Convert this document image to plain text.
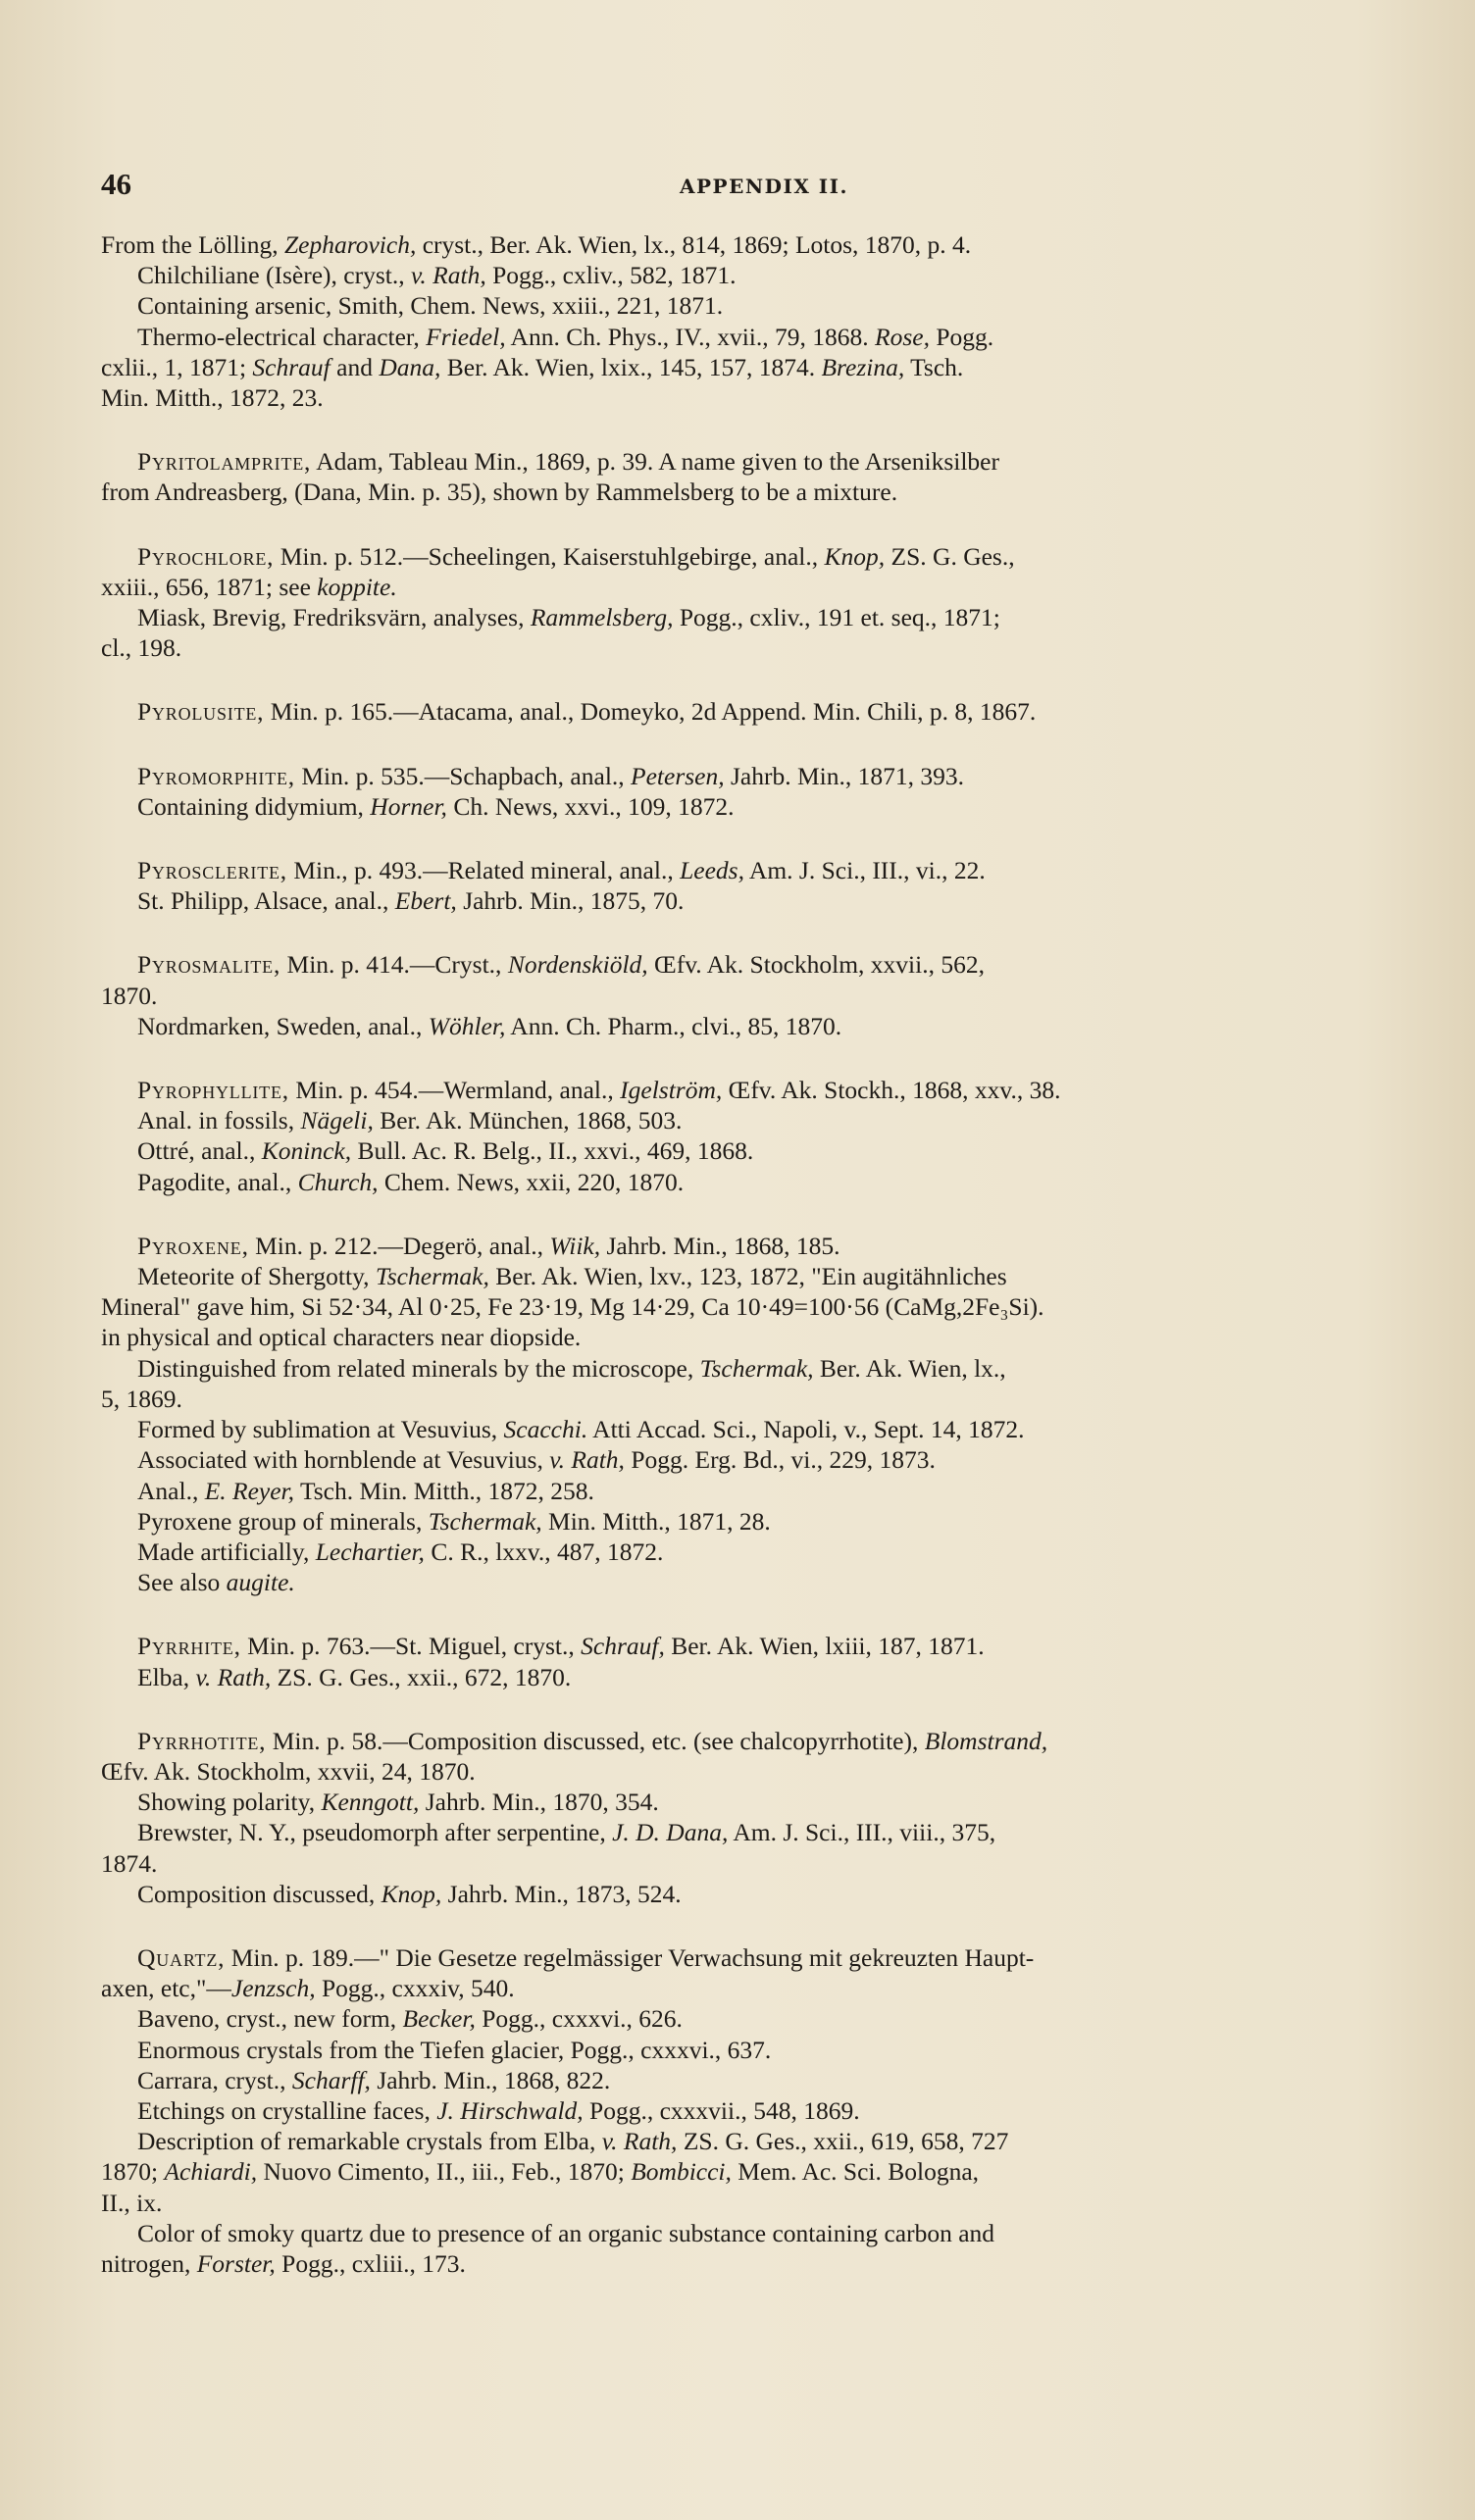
46	APPENDIX II.
From the Lölling, Zepharovich, cryst., Ber. Ak. Wien, lx., 814, 1869; Lotos, 1870, p. 4.
Chilchiliane (Isère), cryst., v. Rath, Pogg., cxliv., 582, 1871.
Containing arsenic, Smith, Chem. News, xxiii., 221, 1871.
Thermo-electrical character, Friedel, Ann. Ch. Phys., IV., xvii., 79, 1868. Rose, Pogg.
cxlii., 1, 1871; Schrauf and Dana, Ber. Ak. Wien, lxix., 145, 157, 1874. Brezina, Tsch.
Min. Mitth., 1872, 23.
Pyritolamprite, Adam, Tableau Min., 1869, p. 39. A name given to the Arseniksilber
from Andreasberg, (Dana, Min. p. 35), shown by Rammelsberg to be a mixture.
Pyrochlore, Min. p. 512.—Scheelingen, Kaiserstuhlgebirge, anal., Knop, ZS. G. Ges.,
xxiii., 656, 1871; see koppite.
Miask, Brevig, Fredriksvärn, analyses, Rammelsberg, Pogg., cxliv., 191 et. seq., 1871;
cl., 198.
Pyrolusite, Min. p. 165.—Atacama, anal., Domeyko, 2d Append. Min. Chili, p. 8, 1867.
Pyromorphite, Min. p. 535.—Schapbach, anal., Petersen, Jahrb. Min., 1871, 393.
Containing didymium, Horner, Ch. News, xxvi., 109, 1872.
Pyrosclerite, Min., p. 493.—Related mineral, anal., Leeds, Am. J. Sci., III., vi., 22.
St. Philipp, Alsace, anal., Ebert, Jahrb. Min., 1875, 70.
Pyrosmalite, Min. p. 414.—Cryst., Nordenskiöld, Œfv. Ak. Stockholm, xxvii., 562,
1870.
Nordmarken, Sweden, anal., Wöhler, Ann. Ch. Pharm., clvi., 85, 1870.
Pyrophyllite, Min. p. 454.—Wermland, anal., Igelström, Œfv. Ak. Stockh., 1868, xxv., 38.
Anal. in fossils, Nägeli, Ber. Ak. München, 1868, 503.
Ottré, anal., Koninck, Bull. Ac. R. Belg., II., xxvi., 469, 1868.
Pagodite, anal., Church, Chem. News, xxii, 220, 1870.
Pyroxene, Min. p. 212.—Degerö, anal., Wiik, Jahrb. Min., 1868, 185.
Meteorite of Shergotty, Tschermak, Ber. Ak. Wien, lxv., 123, 1872, "Ein augitähnliches
Mineral" gave him, Si 52·34, Al 0·25, Fe 23·19, Mg 14·29, Ca 10·49=100·56 (CaMg,2Fe₃Si).
in physical and optical characters near diopside.
Distinguished from related minerals by the microscope, Tschermak, Ber. Ak. Wien, lx.,
5, 1869.
Formed by sublimation at Vesuvius, Scacchi. Atti Accad. Sci., Napoli, v., Sept. 14, 1872.
Associated with hornblende at Vesuvius, v. Rath, Pogg. Erg. Bd., vi., 229, 1873.
Anal., E. Reyer, Tsch. Min. Mitth., 1872, 258.
Pyroxene group of minerals, Tschermak, Min. Mitth., 1871, 28.
Made artificially, Lechartier, C. R., lxxv., 487, 1872.
See also augite.
Pyrrhite, Min. p. 763.—St. Miguel, cryst., Schrauf, Ber. Ak. Wien, lxiii, 187, 1871.
Elba, v. Rath, ZS. G. Ges., xxii., 672, 1870.
Pyrrhotite, Min. p. 58.—Composition discussed, etc. (see chalcopyrrhotite), Blomstrand,
Œfv. Ak. Stockholm, xxvii, 24, 1870.
Showing polarity, Kenngott, Jahrb. Min., 1870, 354.
Brewster, N. Y., pseudomorph after serpentine, J. D. Dana, Am. J. Sci., III., viii., 375,
1874.
Composition discussed, Knop, Jahrb. Min., 1873, 524.
Quartz, Min. p. 189.—" Die Gesetze regelmässiger Verwachsung mit gekreuzten Haupt-
axen, etc,"—Jenzsch, Pogg., cxxxiv, 540.
Baveno, cryst., new form, Becker, Pogg., cxxxvi., 626.
Enormous crystals from the Tiefen glacier, Pogg., cxxxvi., 637.
Carrara, cryst., Scharff, Jahrb. Min., 1868, 822.
Etchings on crystalline faces, J. Hirschwald, Pogg., cxxxvii., 548, 1869.
Description of remarkable crystals from Elba, v. Rath, ZS. G. Ges., xxii., 619, 658, 727
1870; Achiardi, Nuovo Cimento, II., iii., Feb., 1870; Bombicci, Mem. Ac. Sci. Bologna,
II., ix.
Color of smoky quartz due to presence of an organic substance containing carbon and
nitrogen, Forster, Pogg., cxliii., 173.
